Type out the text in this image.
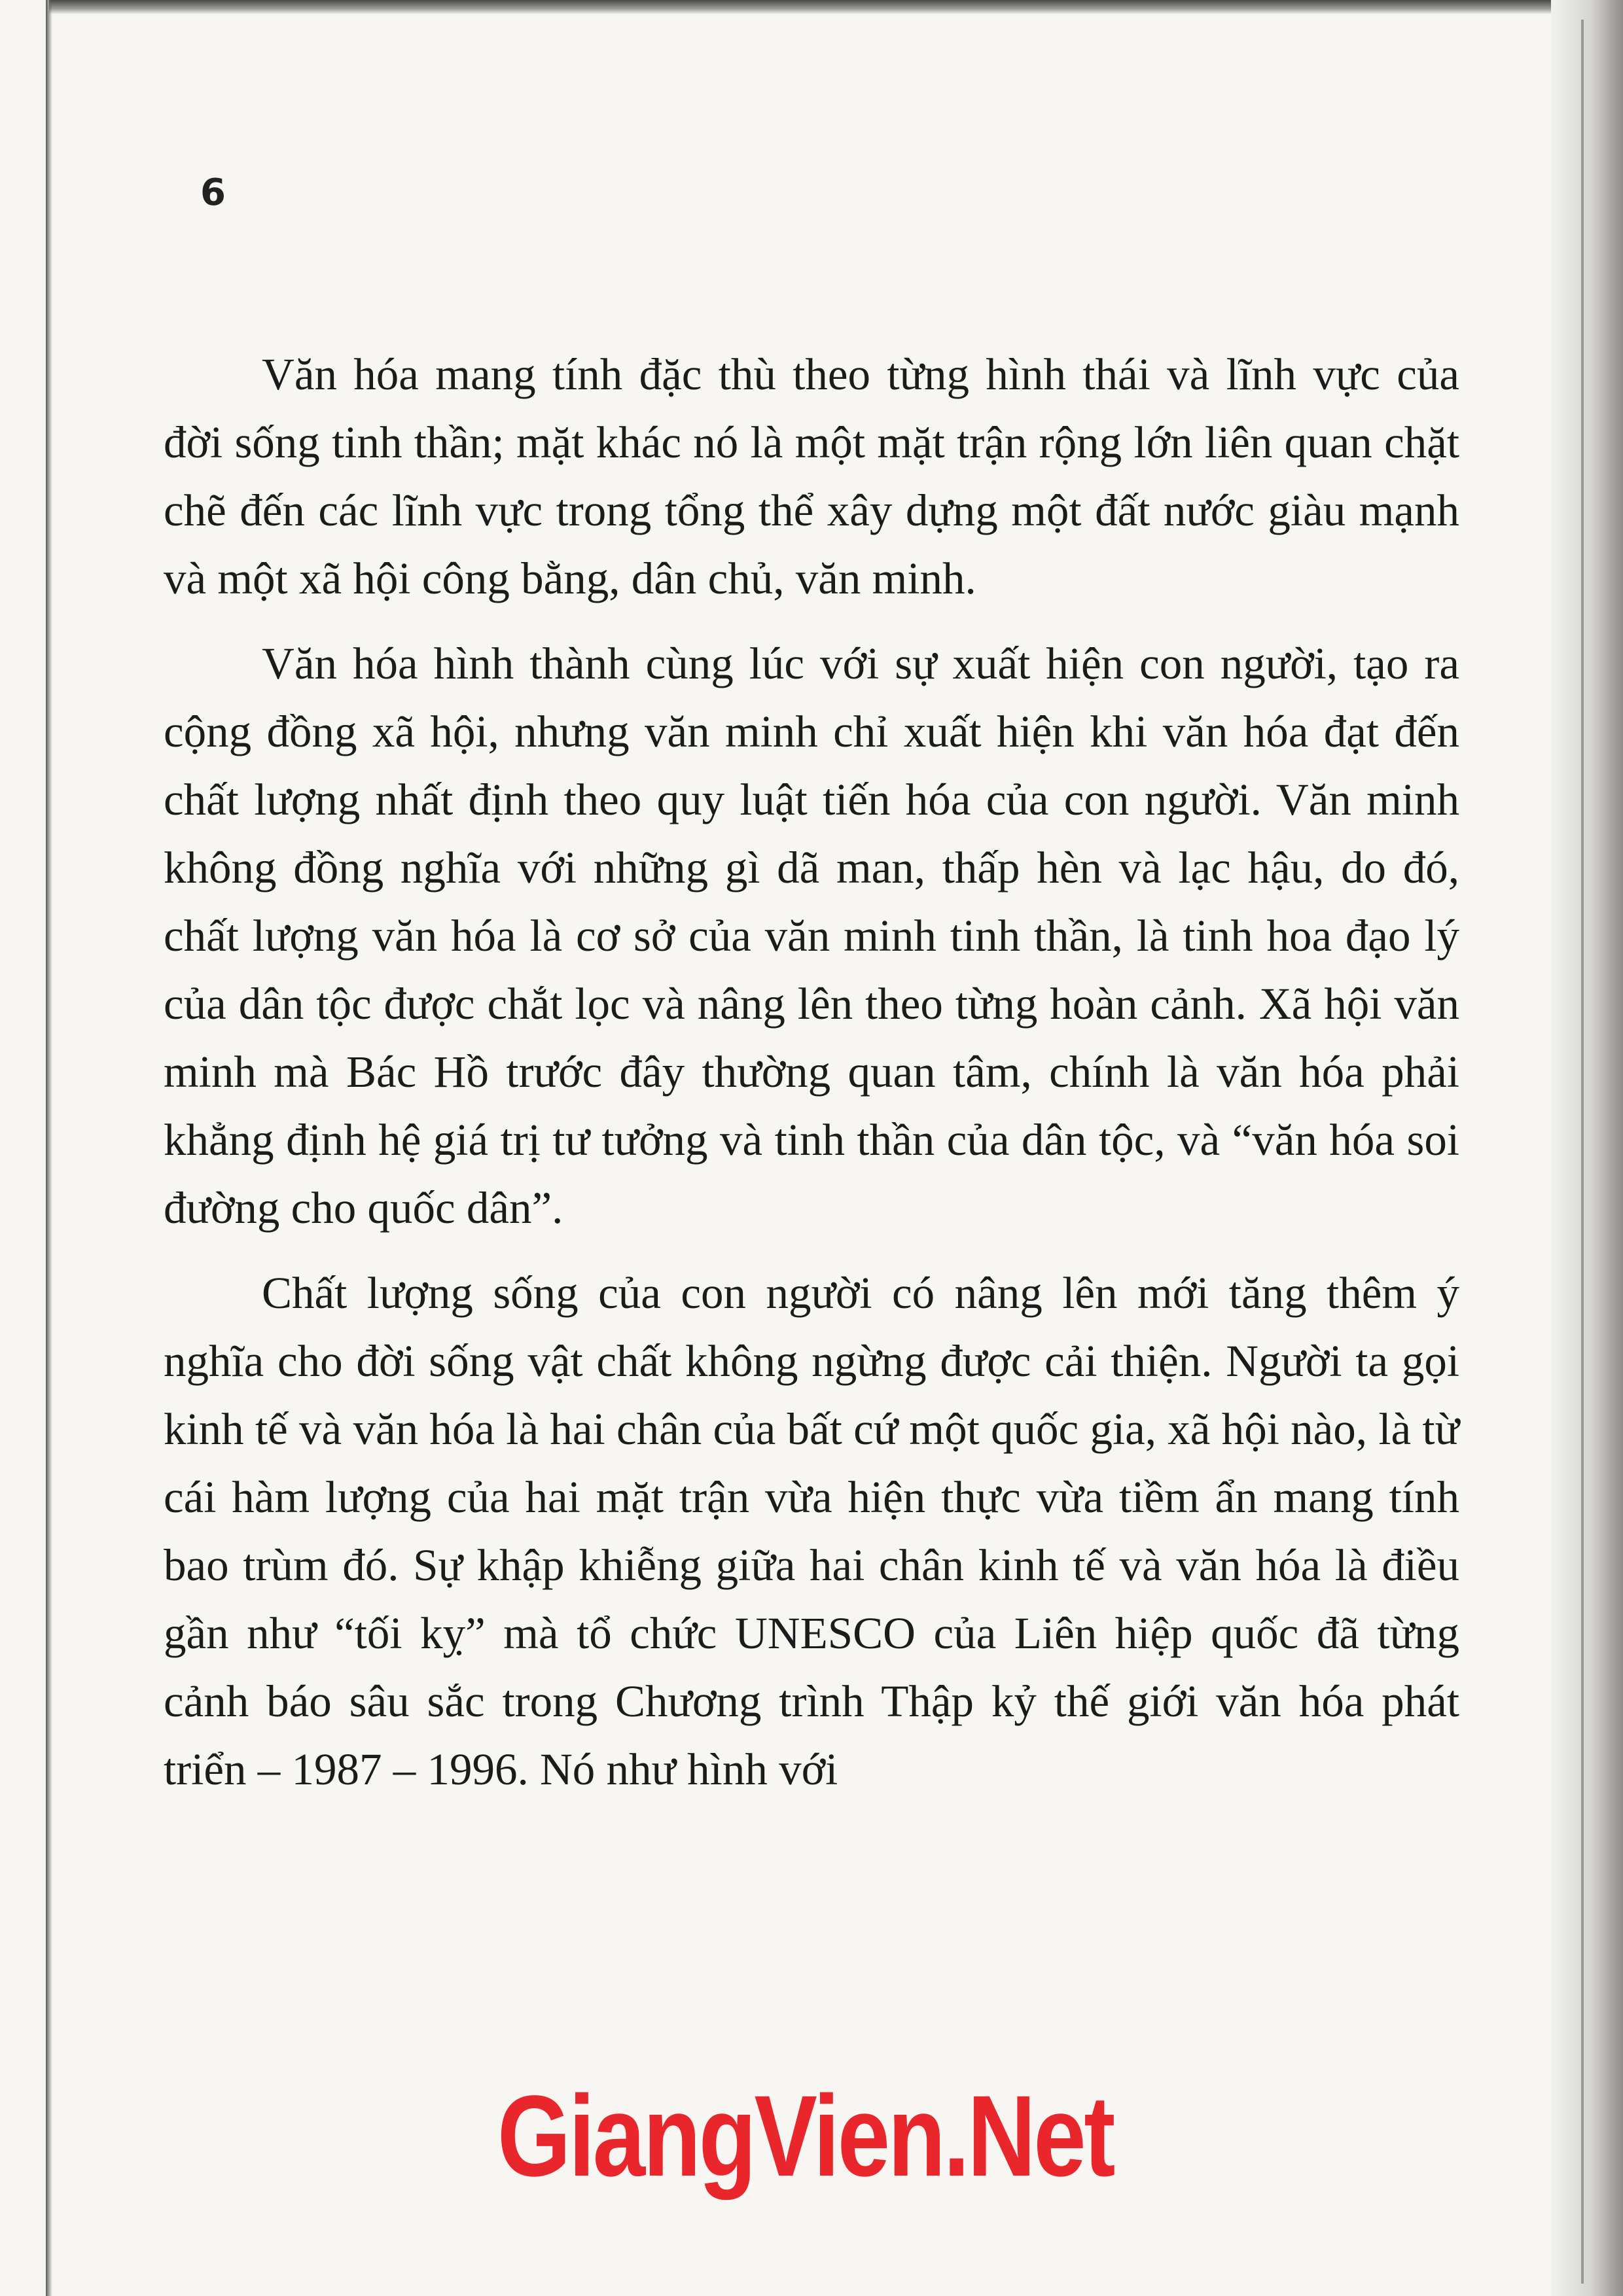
6

Văn hóa mang tính đặc thù theo từng hình thái và lĩnh vực của đời sống tinh thần; mặt khác nó là một mặt trận rộng lớn liên quan chặt chẽ đến các lĩnh vực trong tổng thể xây dựng một đất nước giàu mạnh và một xã hội công bằng, dân chủ, văn minh.

Văn hóa hình thành cùng lúc với sự xuất hiện con người, tạo ra cộng đồng xã hội, nhưng văn minh chỉ xuất hiện khi văn hóa đạt đến chất lượng nhất định theo quy luật tiến hóa của con người. Văn minh không đồng nghĩa với những gì dã man, thấp hèn và lạc hậu, do đó, chất lượng văn hóa là cơ sở của văn minh tinh thần, là tinh hoa đạo lý của dân tộc được chắt lọc và nâng lên theo từng hoàn cảnh. Xã hội văn minh mà Bác Hồ trước đây thường quan tâm, chính là văn hóa phải khẳng định hệ giá trị tư tưởng và tinh thần của dân tộc, và “văn hóa soi đường cho quốc dân”.

Chất lượng sống của con người có nâng lên mới tăng thêm ý nghĩa cho đời sống vật chất không ngừng được cải thiện. Người ta gọi kinh tế và văn hóa là hai chân của bất cứ một quốc gia, xã hội nào, là từ cái hàm lượng của hai mặt trận vừa hiện thực vừa tiềm ẩn mang tính bao trùm đó. Sự khập khiễng giữa hai chân kinh tế và văn hóa là điều gần như “tối kỵ” mà tổ chức UNESCO của Liên hiệp quốc đã từng cảnh báo sâu sắc trong Chương trình Thập kỷ thế giới văn hóa phát triển – 1987 – 1996. Nó như hình với

GiangVien.Net
